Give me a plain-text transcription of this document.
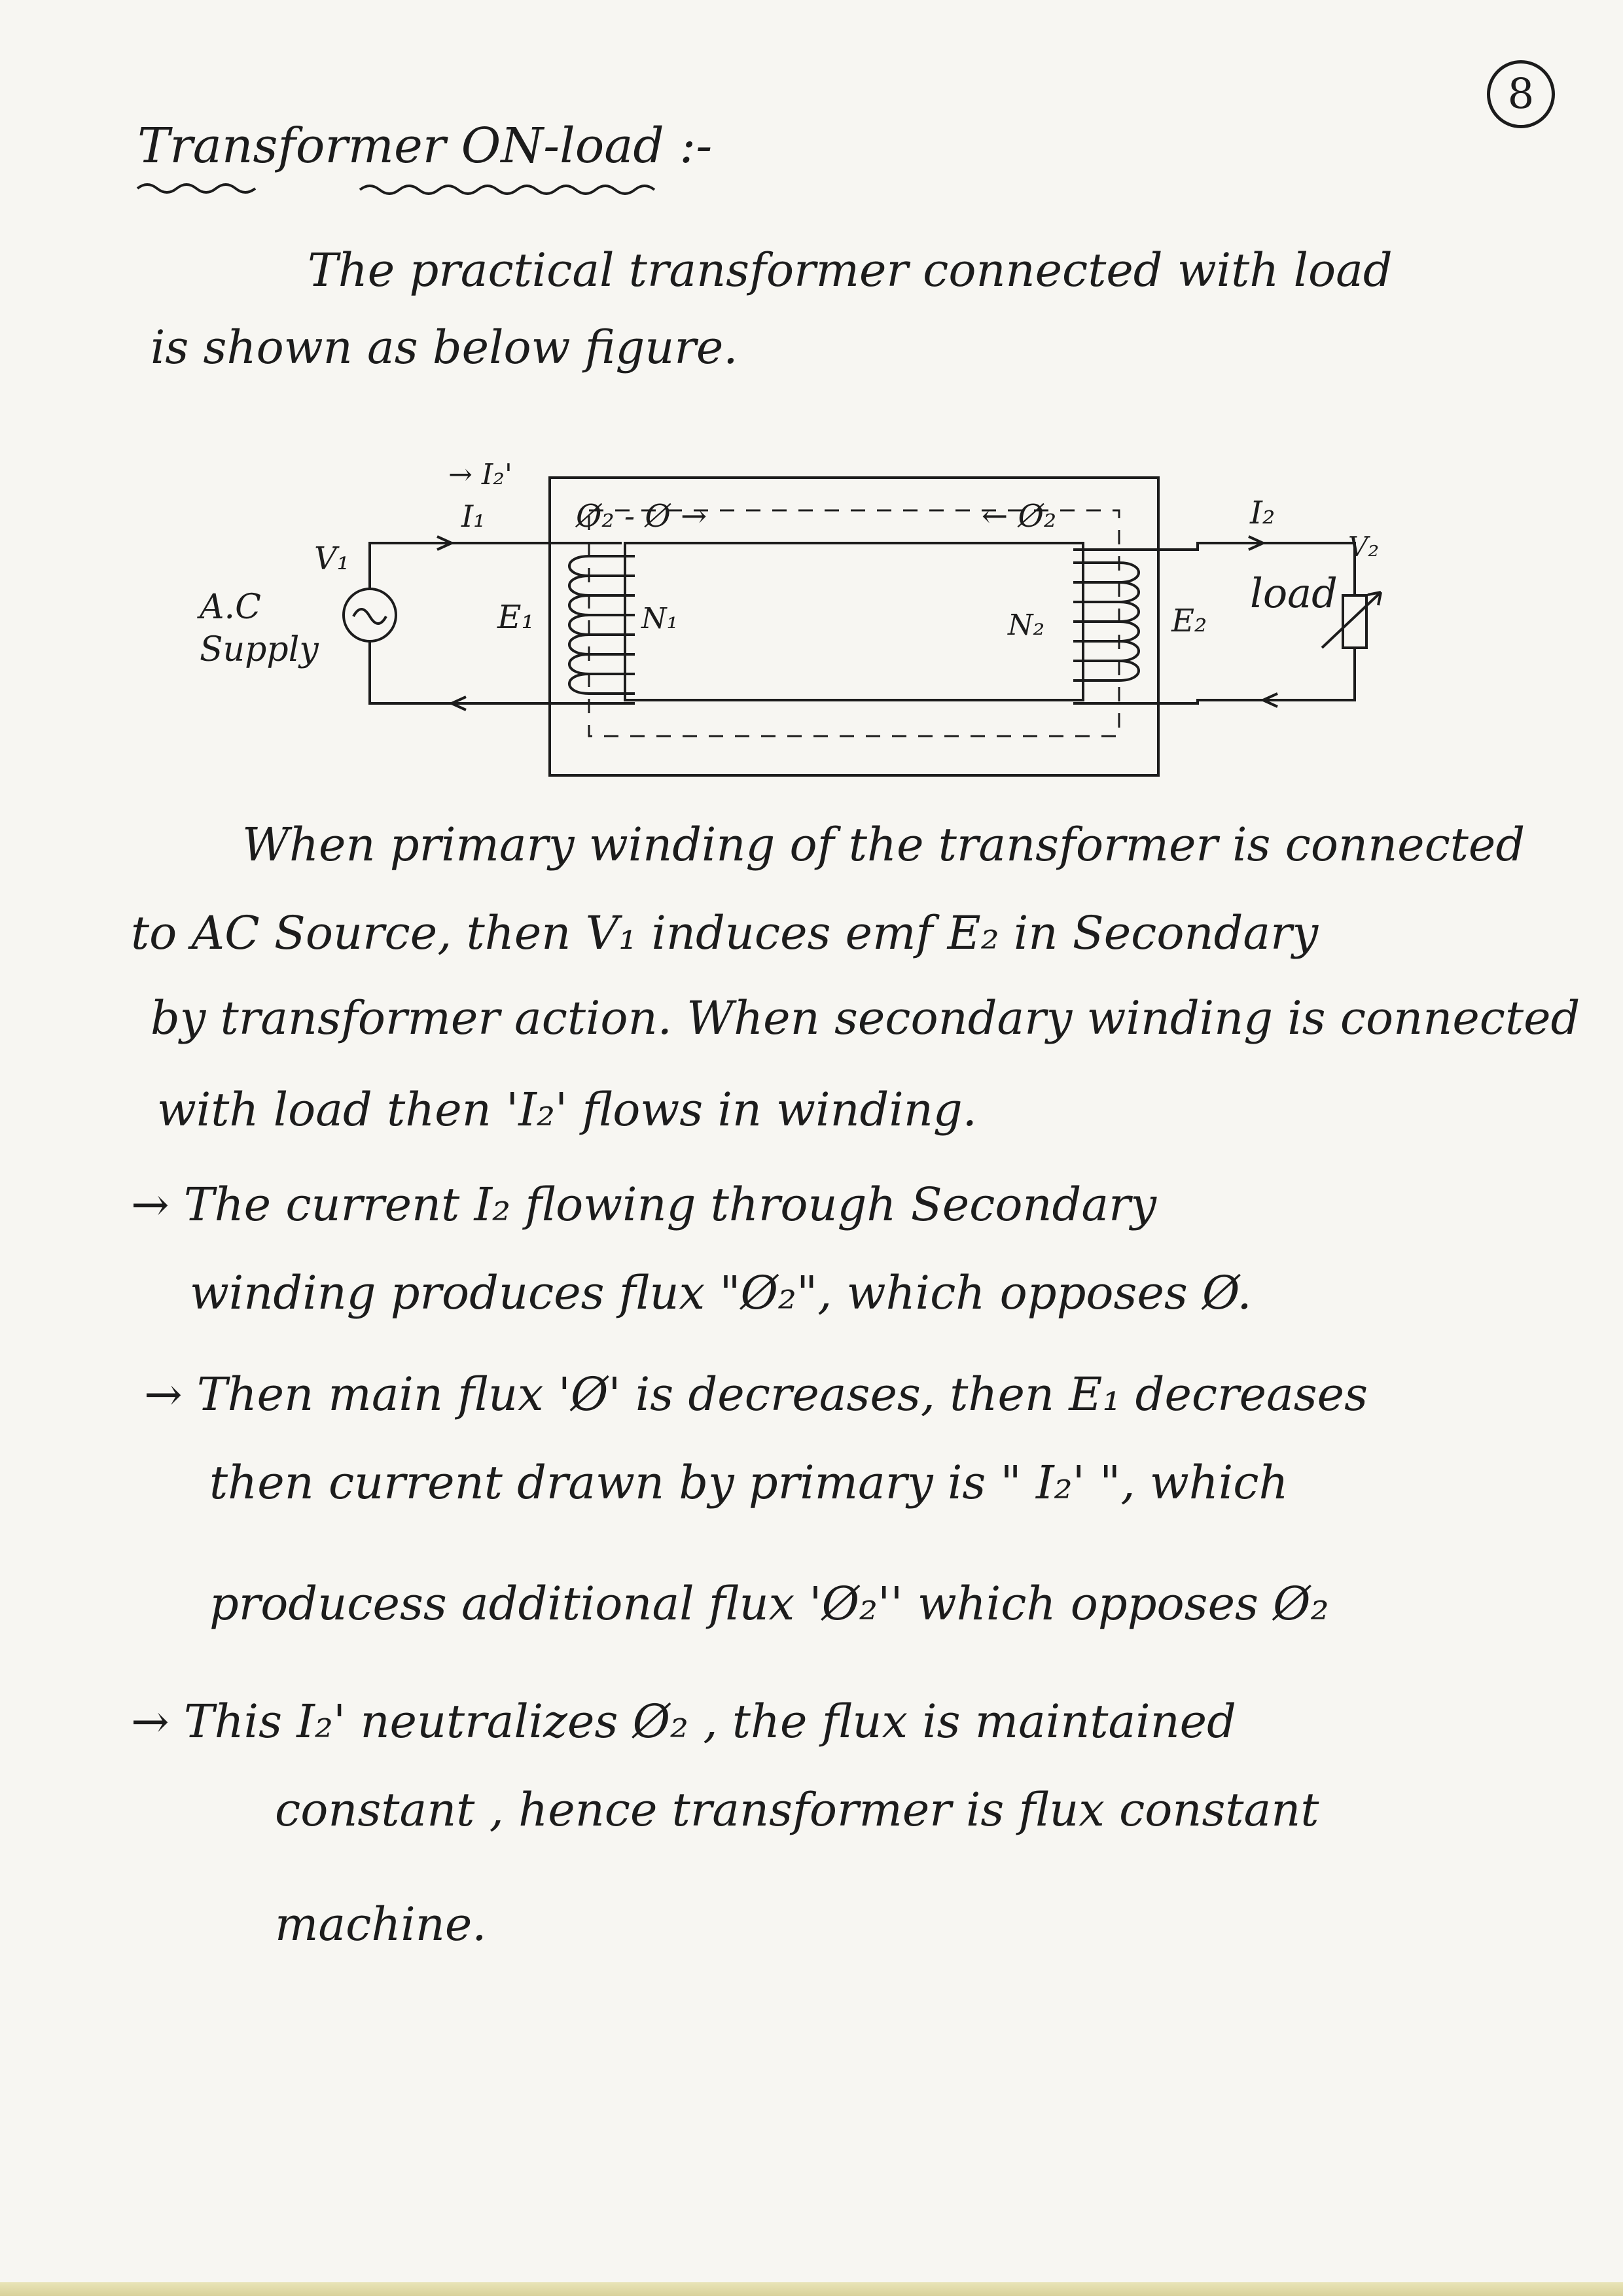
8
Transformer ON-load :-
The practical transformer connected with load
is shown as below figure.
A.C
Supply
V₁
→ I₂'
I₁	Ø₂ - Ø →	← Ø₂
E₁	N₁	N₂	E₂
I₂
V₂
load
When primary winding of the transformer is connected
to AC Source, then V₁ induces emf E₂ in Secondary
by transformer action. When secondary winding is connected
with load then 'I₂' flows in winding.
→ The current I₂ flowing through Secondary
winding produces flux "Ø₂", which opposes Ø.
→ Then main flux 'Ø' is decreases, then E₁ decreases
then current drawn by primary is " I₂' ", which
producess additional flux 'Ø₂'' which opposes Ø₂
→ This I₂' neutralizes Ø₂ , the flux is maintained
constant , hence transformer is flux constant
machine.
